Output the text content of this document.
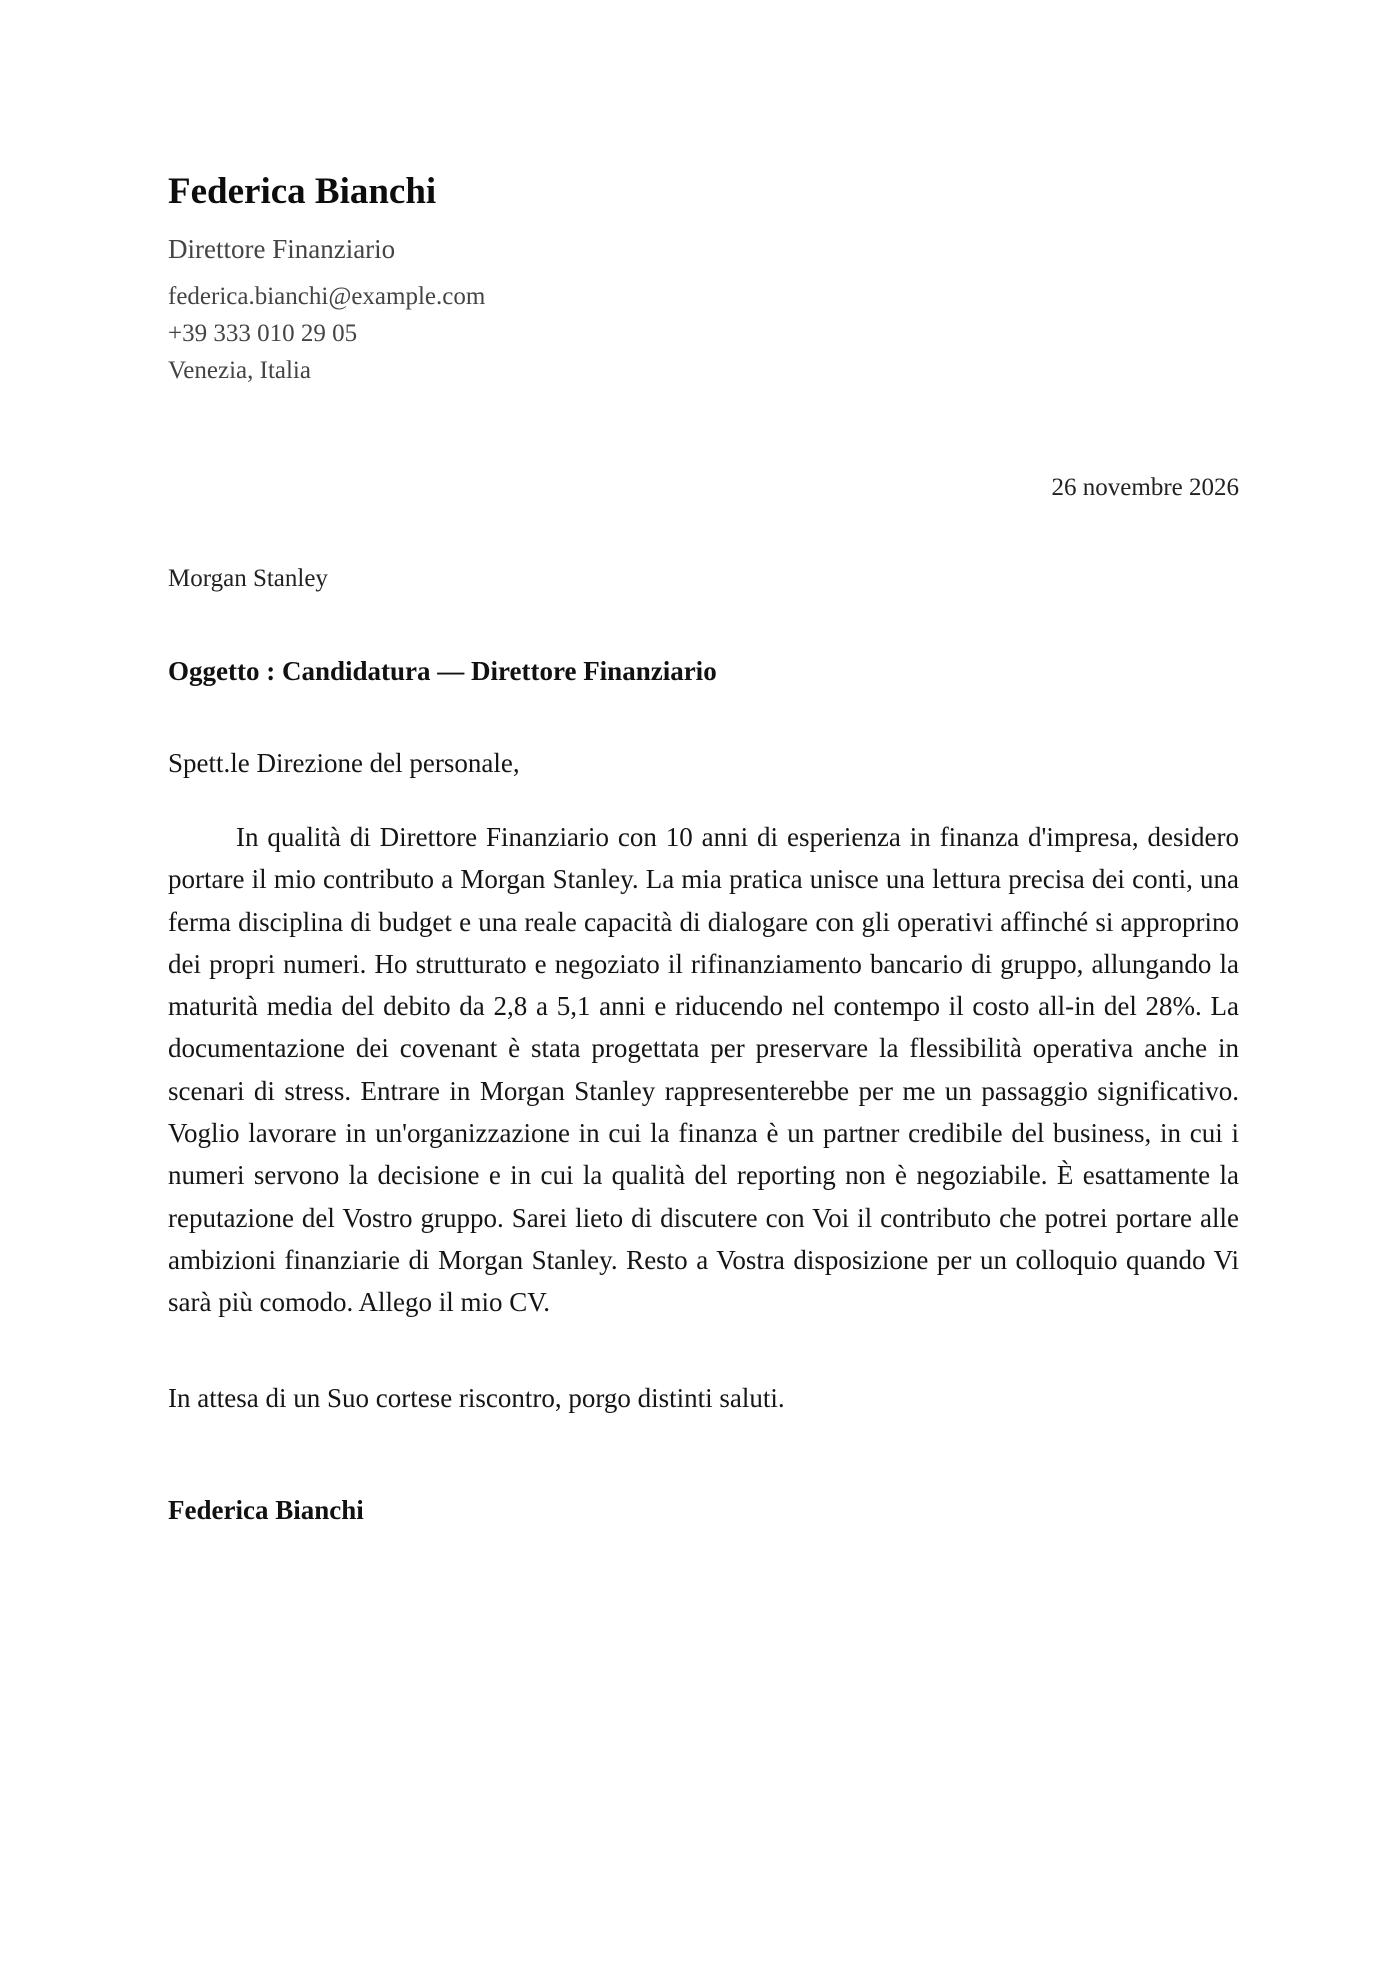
Federica Bianchi
Direttore Finanziario
federica.bianchi@example.com
+39 333 010 29 05
Venezia, Italia
26 novembre 2026
Morgan Stanley
Oggetto : Candidatura — Direttore Finanziario
Spett.le Direzione del personale,

In qualità di Direttore Finanziario con 10 anni di esperienza in finanza d'impresa, desidero portare il mio contributo a Morgan Stanley. La mia pratica unisce una lettura precisa dei conti, una ferma disciplina di budget e una reale capacità di dialogare con gli operativi affinché si approprino dei propri numeri. Ho strutturato e negoziato il rifinanziamento bancario di gruppo, allungando la maturità media del debito da 2,8 a 5,1 anni e riducendo nel contempo il costo all-in del 28%. La documentazione dei covenant è stata progettata per preservare la flessibilità operativa anche in scenari di stress. Entrare in Morgan Stanley rappresenterebbe per me un passaggio significativo. Voglio lavorare in un'organizzazione in cui la finanza è un partner credibile del business, in cui i numeri servono la decisione e in cui la qualità del reporting non è negoziabile. È esattamente la reputazione del Vostro gruppo. Sarei lieto di discutere con Voi il contributo che potrei portare alle ambizioni finanziarie di Morgan Stanley. Resto a Vostra disposizione per un colloquio quando Vi sarà più comodo. Allego il mio CV.

In attesa di un Suo cortese riscontro, porgo distinti saluti.
Federica Bianchi
